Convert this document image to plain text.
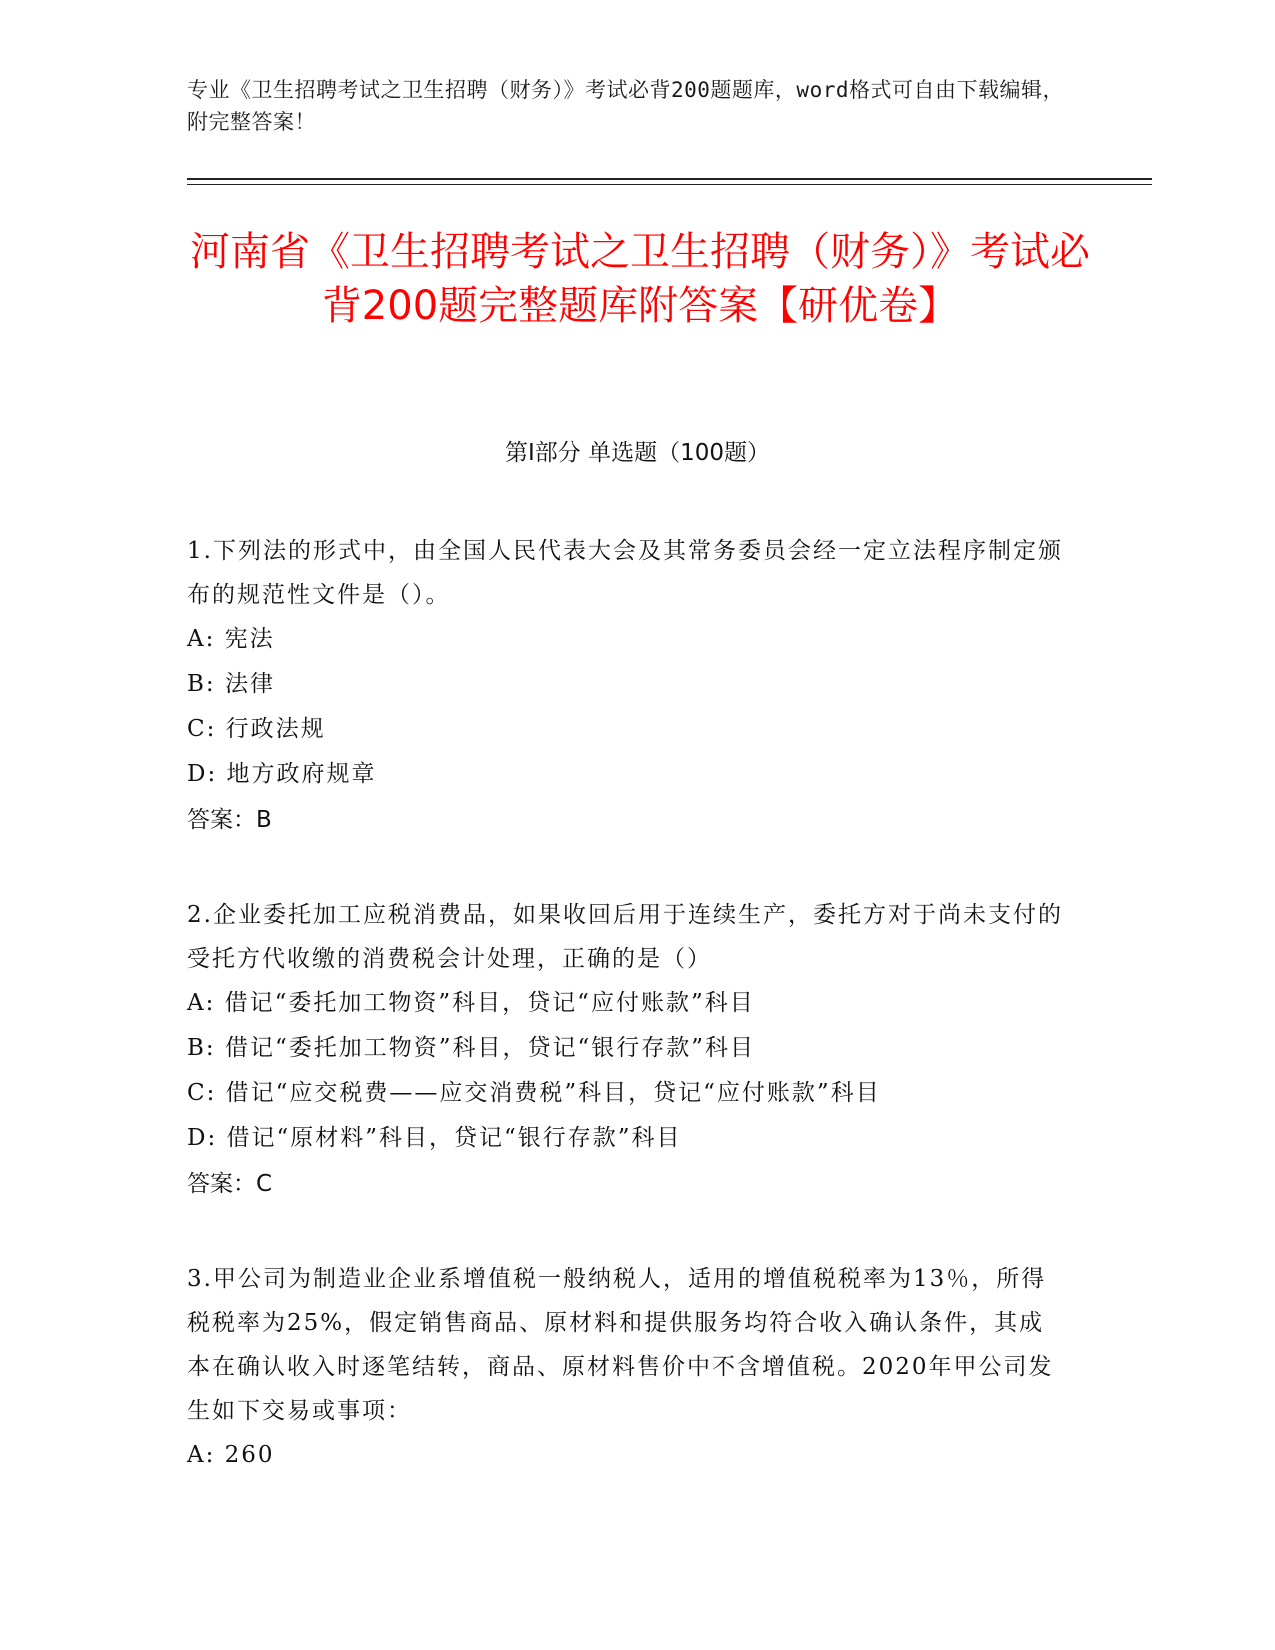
专业《卫生招聘考试之卫生招聘（财务）》考试必背200题题库，word格式可自由下载编辑，附完整答案！
河南省《卫生招聘考试之卫生招聘（财务）》考试必背200题完整题库附答案【研优卷】
第I部分 单选题（100题）
1.下列法的形式中，由全国人民代表大会及其常务委员会经一定立法程序制定颁布的规范性文件是（）。
A: 宪法
B: 法律
C: 行政法规
D: 地方政府规章
答案：B
2.企业委托加工应税消费品，如果收回后用于连续生产，委托方对于尚未支付的受托方代收缴的消费税会计处理，正确的是（）
A: 借记“委托加工物资”科目，贷记“应付账款”科目
B: 借记“委托加工物资”科目，贷记“银行存款”科目
C: 借记“应交税费——应交消费税”科目，贷记“应付账款”科目
D: 借记“原材料”科目，贷记“银行存款”科目
答案：C
3.甲公司为制造业企业系增值税一般纳税人，适用的增值税税率为13％，所得税税率为25%，假定销售商品、原材料和提供服务均符合收入确认条件，其成本在确认收入时逐笔结转，商品、原材料售价中不含增值税。2020年甲公司发生如下交易或事项：
A: 260
